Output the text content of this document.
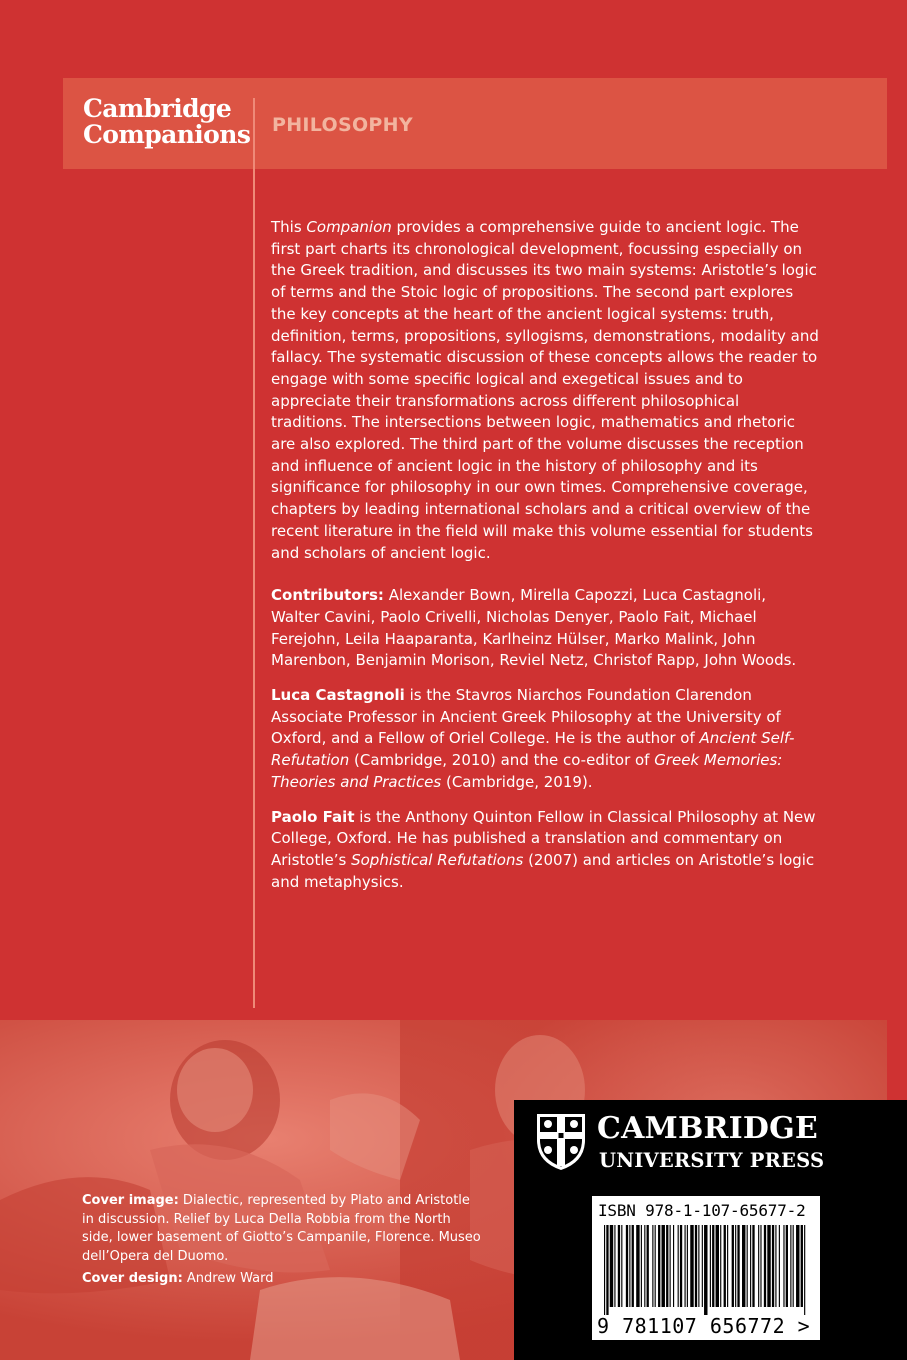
Cambridge
Companions PHILOSOPHY

This Companion provides a comprehensive guide to ancient logic. The first part charts its chronological development, focussing especially on the Greek tradition, and discusses its two main systems: Aristotle’s logic of terms and the Stoic logic of propositions. The second part explores the key concepts at the heart of the ancient logical systems: truth, definition, terms, propositions, syllogisms, demonstrations, modality and fallacy. The systematic discussion of these concepts allows the reader to engage with some specific logical and exegetical issues and to appreciate their transformations across different philosophical traditions. The intersections between logic, mathematics and rhetoric are also explored. The third part of the volume discusses the reception and influence of ancient logic in the history of philosophy and its significance for philosophy in our own times. Comprehensive coverage, chapters by leading international scholars and a critical overview of the recent literature in the field will make this volume essential for students and scholars of ancient logic.

Contributors: Alexander Bown, Mirella Capozzi, Luca Castagnoli, Walter Cavini, Paolo Crivelli, Nicholas Denyer, Paolo Fait, Michael Ferejohn, Leila Haaparanta, Karlheinz Hülser, Marko Malink, John Marenbon, Benjamin Morison, Reviel Netz, Christof Rapp, John Woods.

Luca Castagnoli is the Stavros Niarchos Foundation Clarendon Associate Professor in Ancient Greek Philosophy at the University of Oxford, and a Fellow of Oriel College. He is the author of Ancient Self-Refutation (Cambridge, 2010) and the co-editor of Greek Memories: Theories and Practices (Cambridge, 2019).

Paolo Fait is the Anthony Quinton Fellow in Classical Philosophy at New College, Oxford. He has published a translation and commentary on Aristotle’s Sophistical Refutations (2007) and articles on Aristotle’s logic and metaphysics.

Cover image: Dialectic, represented by Plato and Aristotle in discussion. Relief by Luca Della Robbia from the North side, lower basement of Giotto’s Campanile, Florence. Museo dell’Opera del Duomo.

Cover design: Andrew Ward

CAMBRIDGE
UNIVERSITY PRESS
ISBN 978-1-107-65677-2
9 781107 656772 >
